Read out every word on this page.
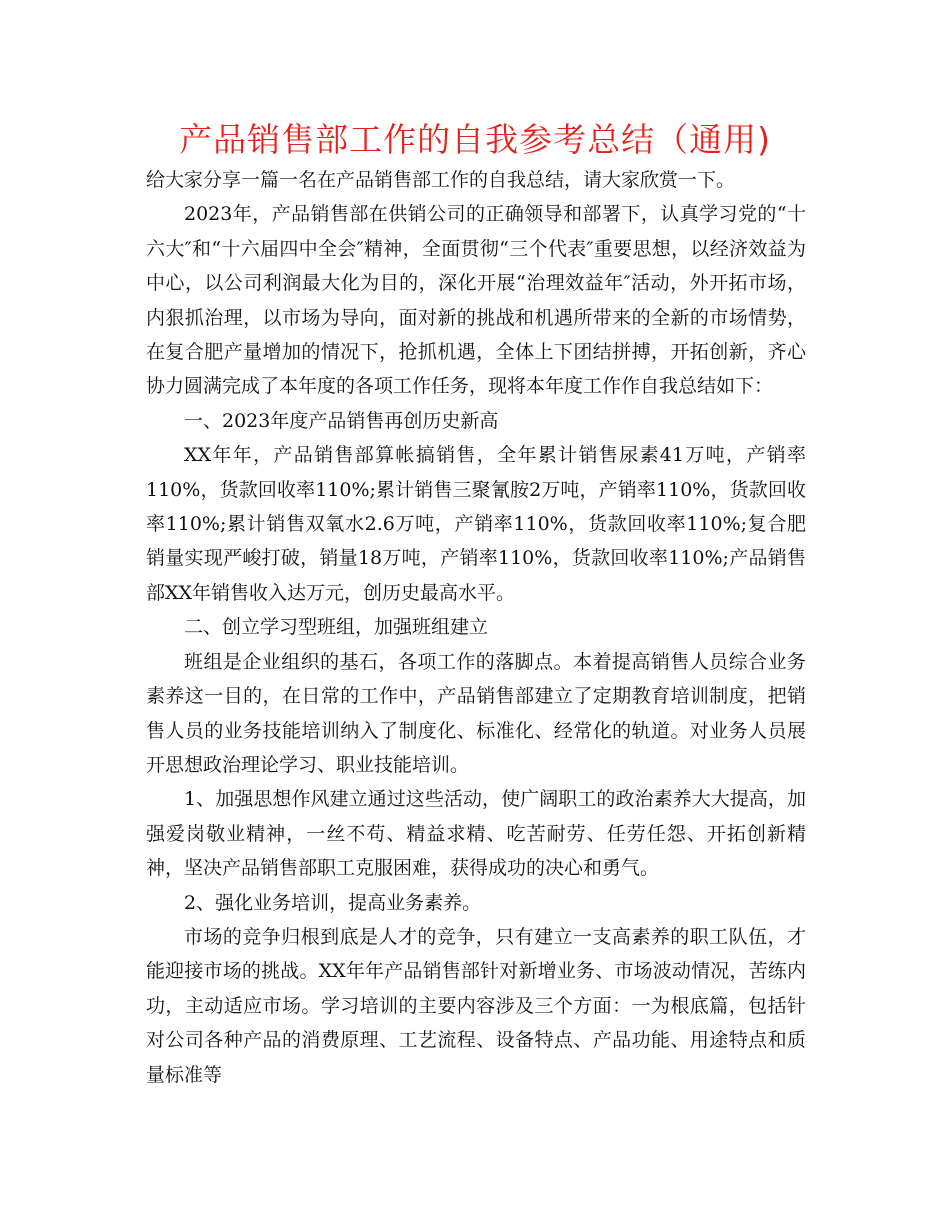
产品销售部工作的自我参考总结（通用)

给大家分享一篇一名在产品销售部工作的自我总结，请大家欣赏一下。

2023年，产品销售部在供销公司的正确领导和部署下，认真学习党的“十六大″和“十六届四中全会″精神，全面贯彻“三个代表″重要思想，以经济效益为中心，以公司利润最大化为目的，深化开展“治理效益年″活动，外开拓市场，内狠抓治理，以市场为导向，面对新的挑战和机遇所带来的全新的市场情势，在复合肥产量增加的情况下，抢抓机遇，全体上下团结拼搏，开拓创新，齐心协力圆满完成了本年度的各项工作任务，现将本年度工作作自我总结如下：

一、2023年度产品销售再创历史新高

XX年年，产品销售部算帐搞销售，全年累计销售尿素41万吨，产销率110%，货款回收率110%;累计销售三聚氰胺2万吨，产销率110%，货款回收率110%;累计销售双氧水2.6万吨，产销率110%，货款回收率110%;复合肥销量实现严峻打破，销量18万吨，产销率110%，货款回收率110%;产品销售部XX年销售收入达万元，创历史最高水平。

二、创立学习型班组，加强班组建立

班组是企业组织的基石，各项工作的落脚点。本着提高销售人员综合业务素养这一目的，在日常的工作中，产品销售部建立了定期教育培训制度，把销售人员的业务技能培训纳入了制度化、标准化、经常化的轨道。对业务人员展开思想政治理论学习、职业技能培训。

1、加强思想作风建立通过这些活动，使广阔职工的政治素养大大提高，加强爱岗敬业精神，一丝不苟、精益求精、吃苦耐劳、任劳任怨、开拓创新精神，坚决产品销售部职工克服困难，获得成功的决心和勇气。

2、强化业务培训，提高业务素养。

市场的竞争归根到底是人才的竞争，只有建立一支高素养的职工队伍，才能迎接市场的挑战。XX年年产品销售部针对新增业务、市场波动情况，苦练内功，主动适应市场。学习培训的主要内容涉及三个方面：一为根底篇，包括针对公司各种产品的消费原理、工艺流程、设备特点、产品功能、用途特点和质量标准等
